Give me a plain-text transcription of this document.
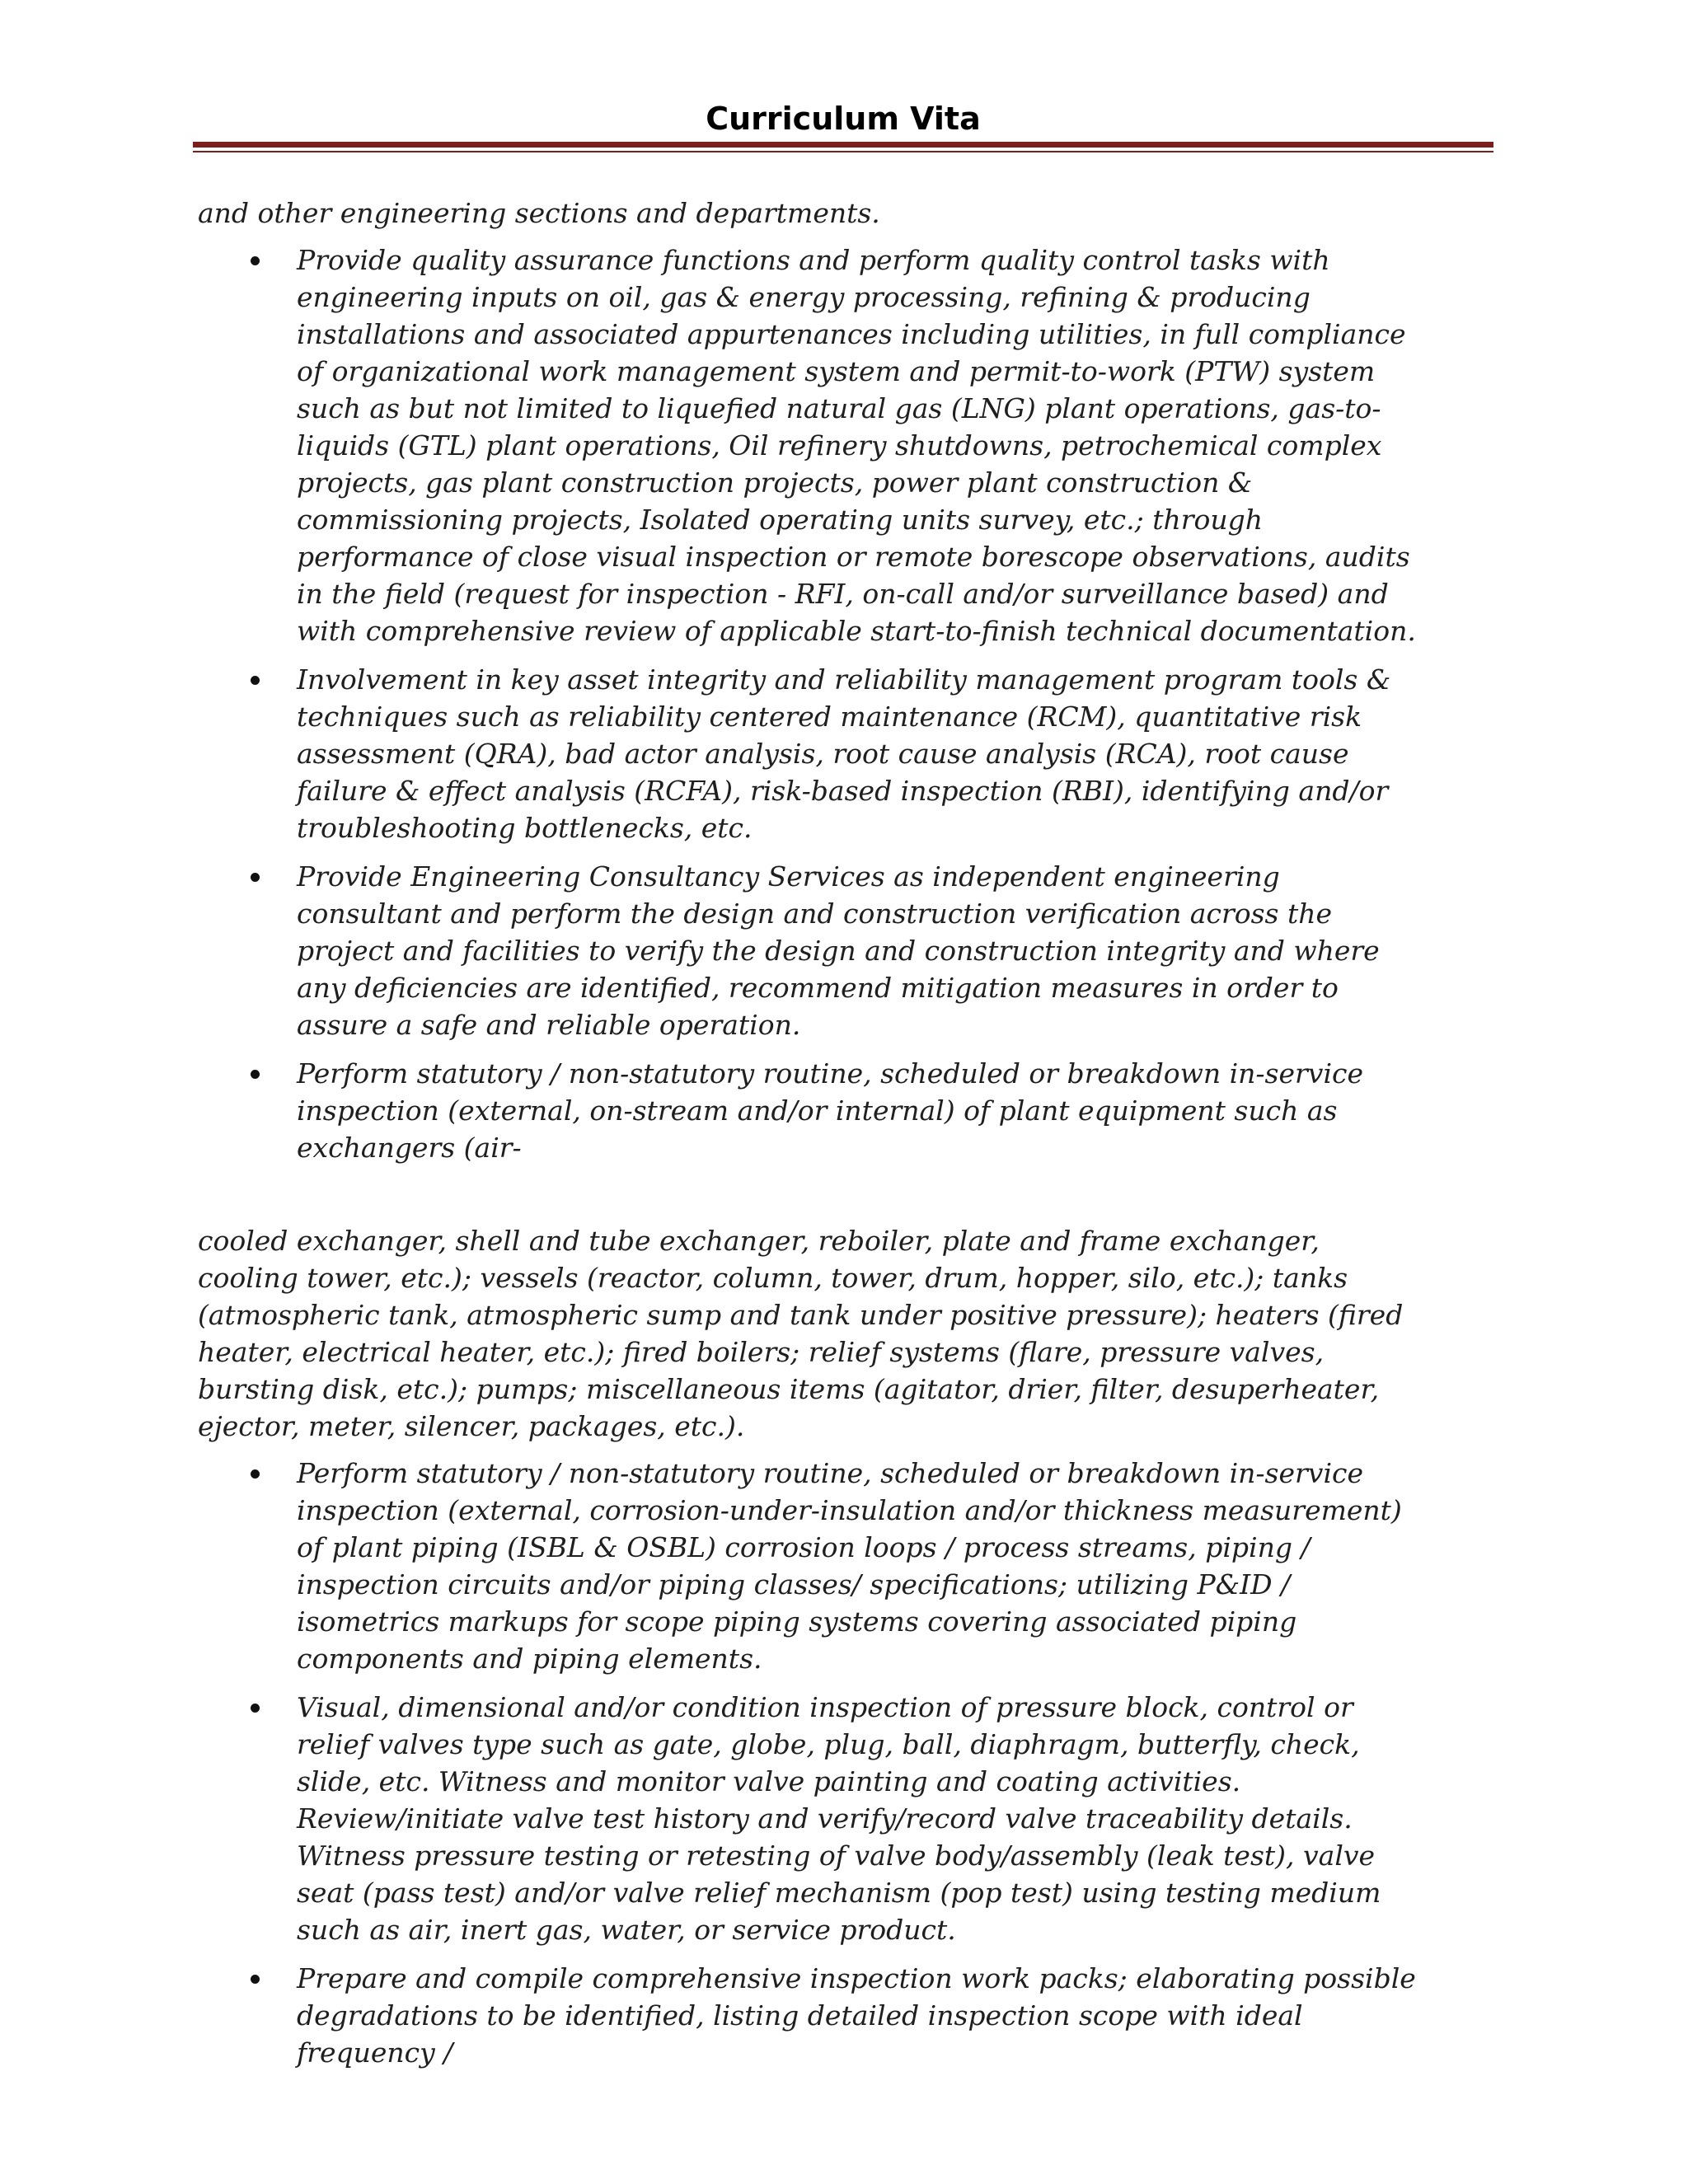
Curriculum Vita

and other engineering sections and departments.

Provide quality assurance functions and perform quality control tasks with engineering inputs on oil, gas & energy processing, refining & producing installations and associated appurtenances including utilities, in full compliance of organizational work management system and permit-to-work (PTW) system such as but not limited to liquefied natural gas (LNG) plant operations, gas-to-liquids (GTL) plant operations, Oil refinery shutdowns, petrochemical complex projects, gas plant construction projects, power plant construction & commissioning projects, Isolated operating units survey, etc.; through performance of close visual inspection or remote borescope observations, audits in the field (request for inspection - RFI, on-call and/or surveillance based) and with comprehensive review of applicable start-to-finish technical documentation.
Involvement in key asset integrity and reliability management program tools & techniques such as reliability centered maintenance (RCM), quantitative risk assessment (QRA), bad actor analysis, root cause analysis (RCA), root cause failure & effect analysis (RCFA), risk-based inspection (RBI), identifying and/or troubleshooting bottlenecks, etc.
Provide Engineering Consultancy Services as independent engineering consultant and perform the design and construction verification across the project and facilities to verify the design and construction integrity and where any deficiencies are identified, recommend mitigation measures in order to assure a safe and reliable operation.
Perform statutory / non-statutory routine, scheduled or breakdown in-service inspection (external, on-stream and/or internal) of plant equipment such as exchangers (air-

cooled exchanger, shell and tube exchanger, reboiler, plate and frame exchanger, cooling tower, etc.); vessels (reactor, column, tower, drum, hopper, silo, etc.); tanks (atmospheric tank, atmospheric sump and tank under positive pressure); heaters (fired heater, electrical heater, etc.); fired boilers; relief systems (flare, pressure valves, bursting disk, etc.); pumps; miscellaneous items (agitator, drier, filter, desuperheater, ejector, meter, silencer, packages, etc.).

Perform statutory / non-statutory routine, scheduled or breakdown in-service inspection (external, corrosion-under-insulation and/or thickness measurement) of plant piping (ISBL & OSBL) corrosion loops / process streams, piping / inspection circuits and/or piping classes/ specifications; utilizing P&ID / isometrics markups for scope piping systems covering associated piping components and piping elements.
Visual, dimensional and/or condition inspection of pressure block, control or relief valves type such as gate, globe, plug, ball, diaphragm, butterfly, check, slide, etc. Witness and monitor valve painting and coating activities. Review/initiate valve test history and verify/record valve traceability details. Witness pressure testing or retesting of valve body/assembly (leak test), valve seat (pass test) and/or valve relief mechanism (pop test) using testing medium such as air, inert gas, water, or service product.
Prepare and compile comprehensive inspection work packs; elaborating possible degradations to be identified, listing detailed inspection scope with ideal frequency /
